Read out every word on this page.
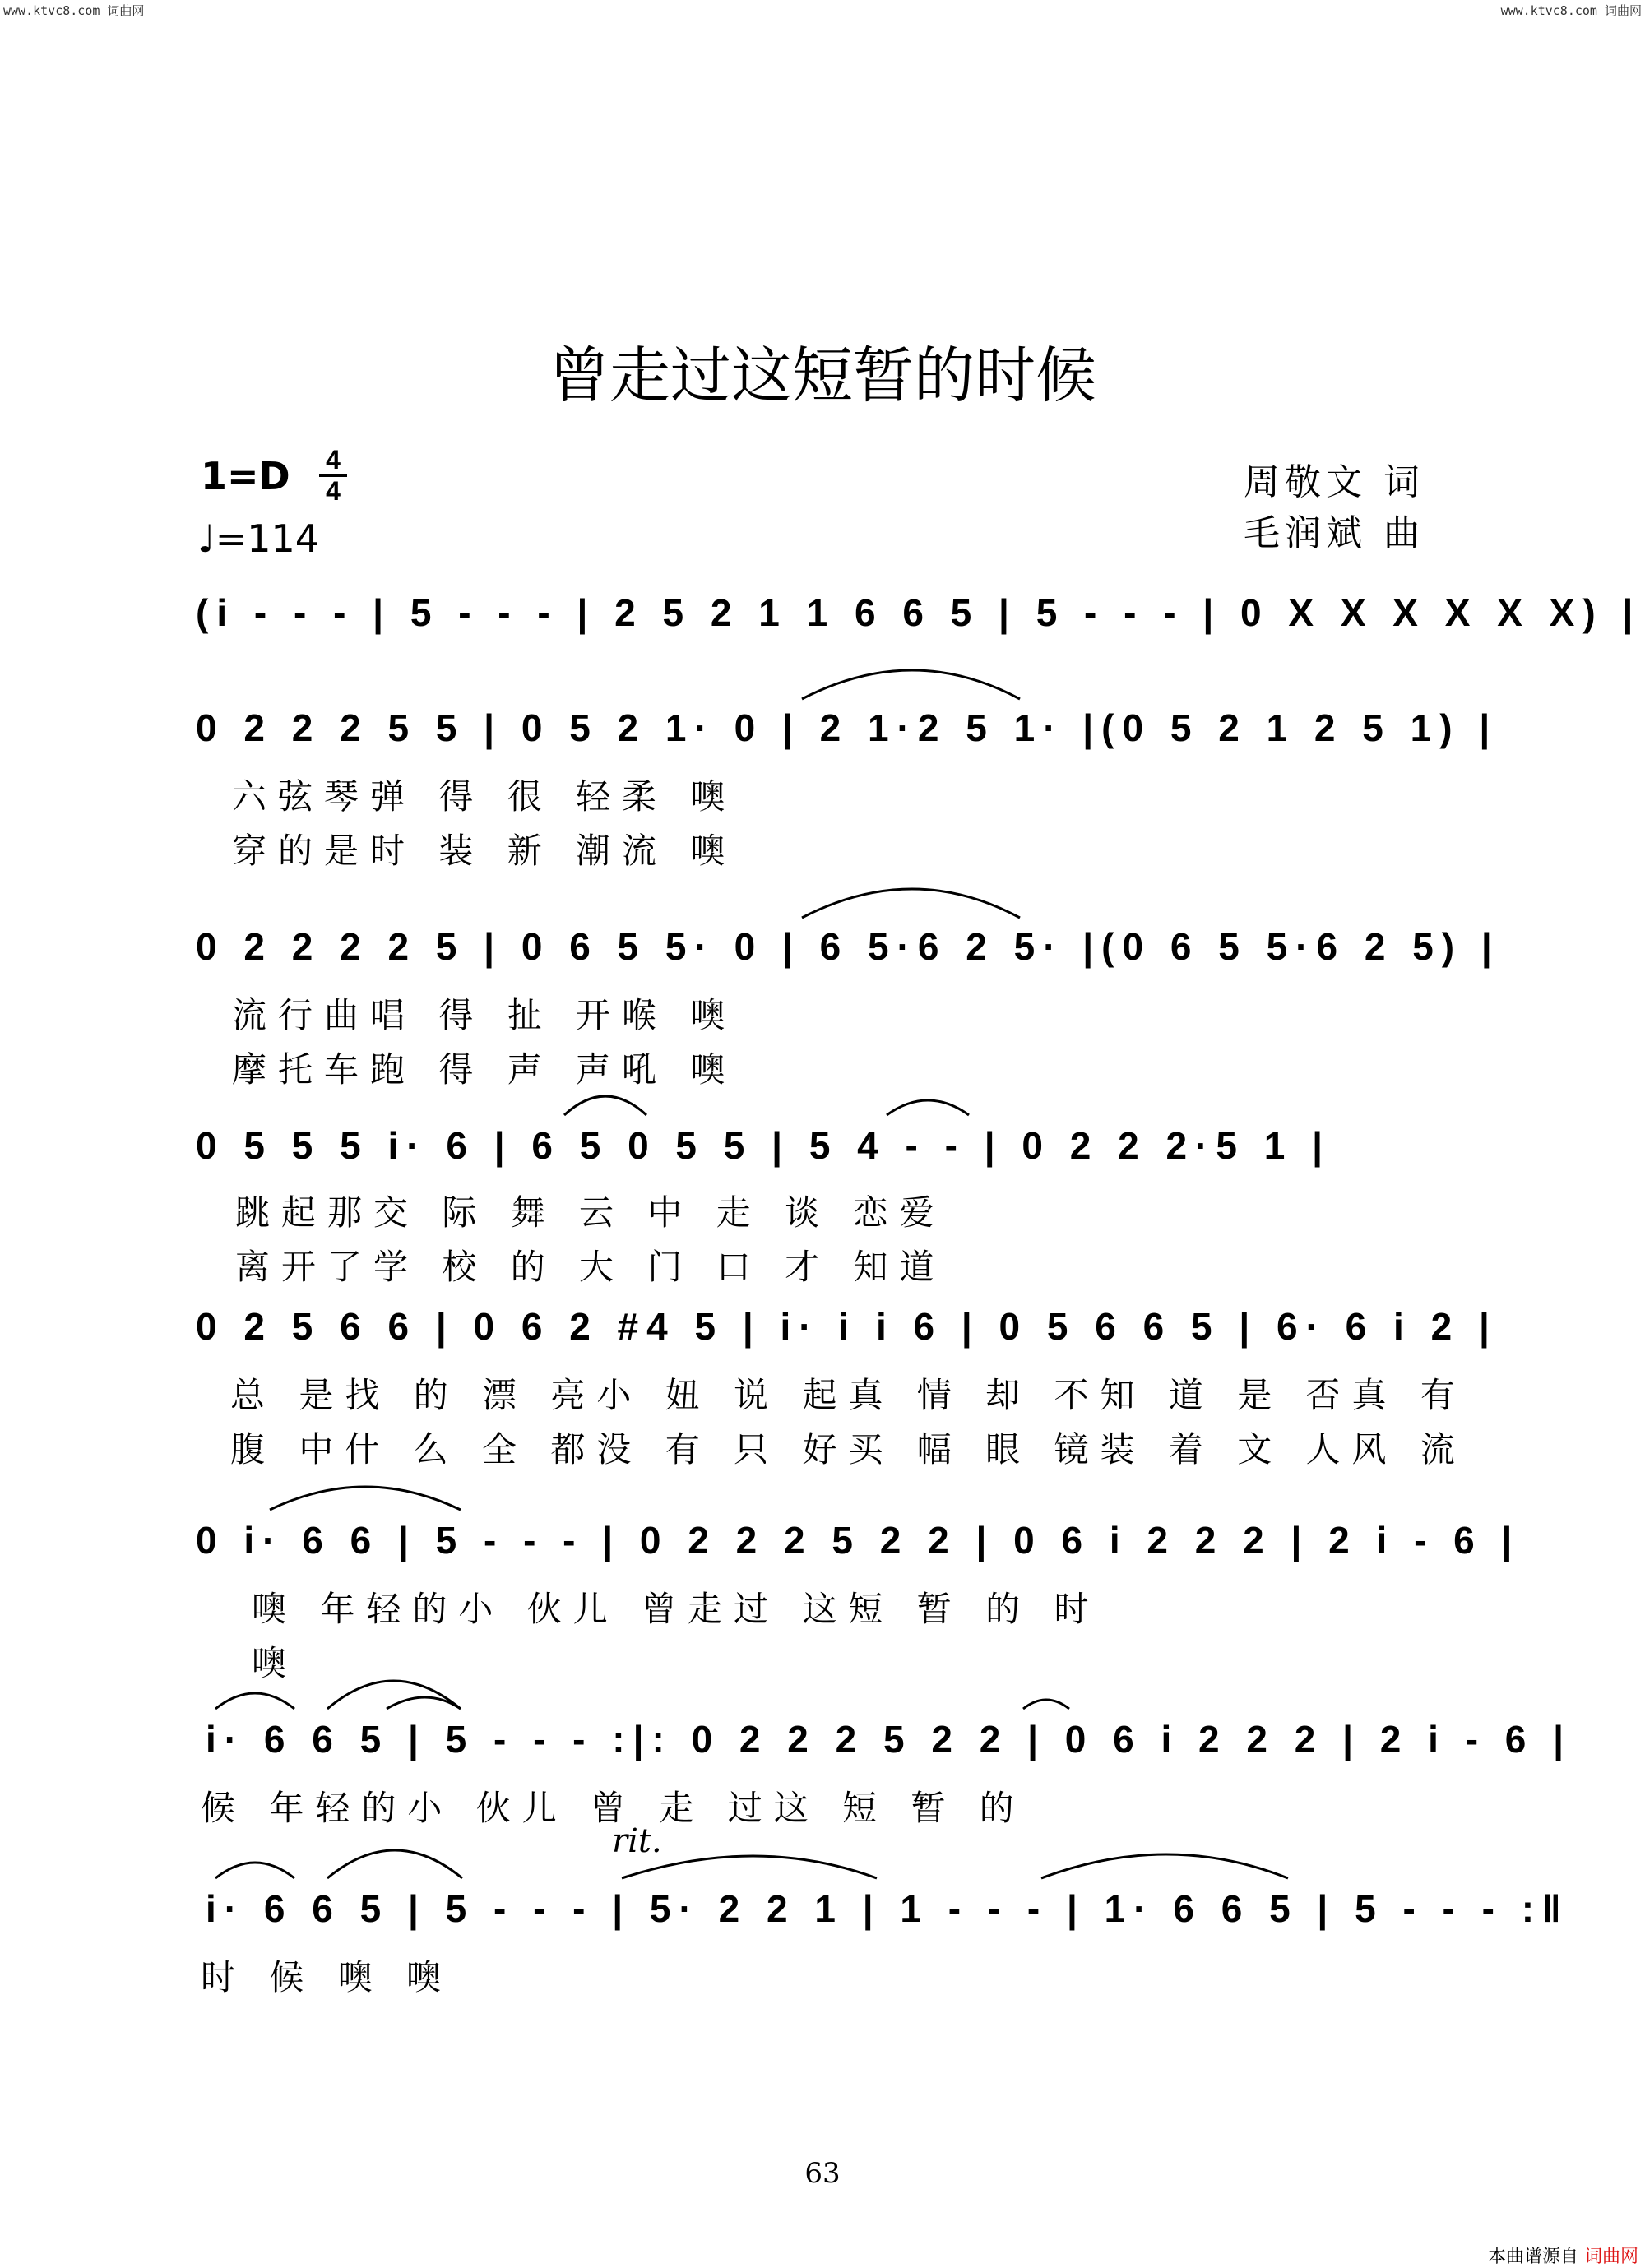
www.ktvc8.com 词曲网	www.ktvc8.com 词曲网
曾走过这短暂的时候
1=D 4
4
♩=114
周敬文 词
毛润斌 曲
(i - - - | 5 - - - | 2 5 2 1 1 6 6 5 | 5 - - - | 0 X X X X X X) |
0 2 2 2 5 5 | 0 5 2 1· 0 | 2 1·2 5 1· |(0 5 2 1 2 5 1) |
六弦琴弹 得 很 轻柔 噢
穿的是时 装 新 潮流 噢
0 2 2 2 2 5 | 0 6 5 5· 0 | 6 5·6 2 5· |(0 6 5 5·6 2 5) |
流行曲唱 得 扯 开喉 噢
摩托车跑 得 声 声吼 噢
0 5 5 5 i· 6 | 6 5 0 5 5 | 5 4 - - | 0 2 2 2·5 1 |
跳起那交 际 舞 云 中 走 谈 恋爱
离开了学 校 的 大 门 口 才 知道
0 2 5 6 6 | 0 6 2 #4 5 | i· i i 6 | 0 5 6 6 5 | 6· 6 i 2 |
总 是找 的 漂 亮小 妞 说 起真 情 却 不知 道 是 否真 有
腹 中什 么 全 都没 有 只 好买 幅 眼 镜装 着 文 人风 流
0 i· 6 6 | 5 - - - | 0 2 2 2 5 2 2 | 0 6 i 2 2 2 | 2 i - 6 |
噢 年轻的小 伙儿 曾走过 这短 暂 的 时
噢
i· 6 6 5 | 5 - - - :|: 0 2 2 2 5 2 2 | 0 6 i 2 2 2 | 2 i - 6 |
候 年轻的小 伙儿 曾 走 过这 短 暂 的
rit.
i· 6 6 5 | 5 - - - | 5· 2 2 1 | 1 - - - | 1· 6 6 5 | 5 - - - :‖
时 候 噢 噢
63
本曲谱源自 词曲网
